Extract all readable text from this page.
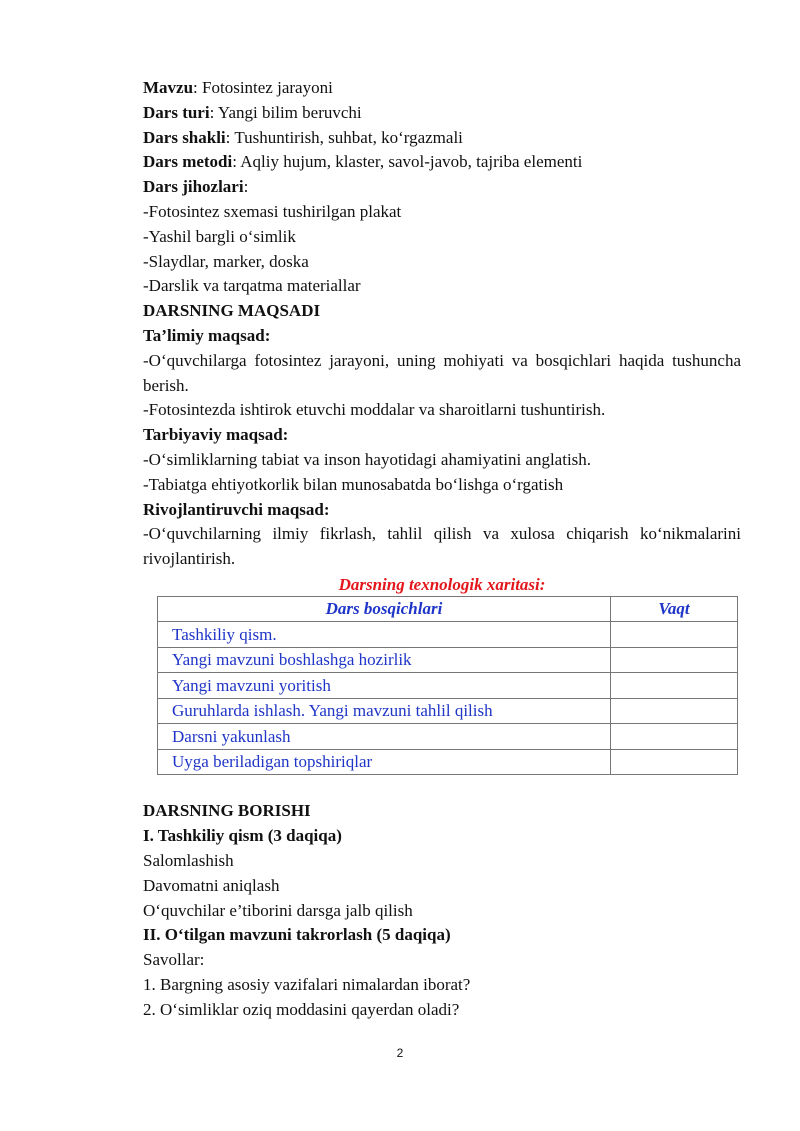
Mavzu: Fotosintez jarayoni

Dars turi: Yangi bilim beruvchi

Dars shakli: Tushuntirish, suhbat, ko‘rgazmali

Dars metodi: Aqliy hujum, klaster, savol-javob, tajriba elementi

Dars jihozlari:

-Fotosintez sxemasi tushirilgan plakat

-Yashil bargli o‘simlik

-Slaydlar, marker, doska

-Darslik va tarqatma materiallar

DARSNING MAQSADI

Ta’limiy maqsad:

-O‘quvchilarga fotosintez jarayoni, uning mohiyati va bosqichlari haqida tushuncha berish.

-Fotosintezda ishtirok etuvchi moddalar va sharoitlarni tushuntirish.

Tarbiyaviy maqsad:

-O‘simliklarning tabiat va inson hayotidagi ahamiyatini anglatish.

-Tabiatga ehtiyotkorlik bilan munosabatda bo‘lishga o‘rgatish

Rivojlantiruvchi maqsad:

-O‘quvchilarning ilmiy fikrlash, tahlil qilish va xulosa chiqarish ko‘nikmalarini rivojlantirish.

Darsning texnologik xaritasi:

Dars bosqichlari	Vaqt
Tashkiliy qism.	
Yangi mavzuni boshlashga hozirlik	
Yangi mavzuni yoritish	
Guruhlarda ishlash. Yangi mavzuni tahlil qilish	
Darsni yakunlash	
Uyga beriladigan topshiriqlar	

DARSNING BORISHI

I. Tashkiliy qism (3 daqiqa)

Salomlashish

Davomatni aniqlash

O‘quvchilar e’tiborini darsga jalb qilish

II. O‘tilgan mavzuni takrorlash (5 daqiqa)

Savollar:

1. Bargning asosiy vazifalari nimalardan iborat?

2. O‘simliklar oziq moddasini qayerdan oladi?

2
